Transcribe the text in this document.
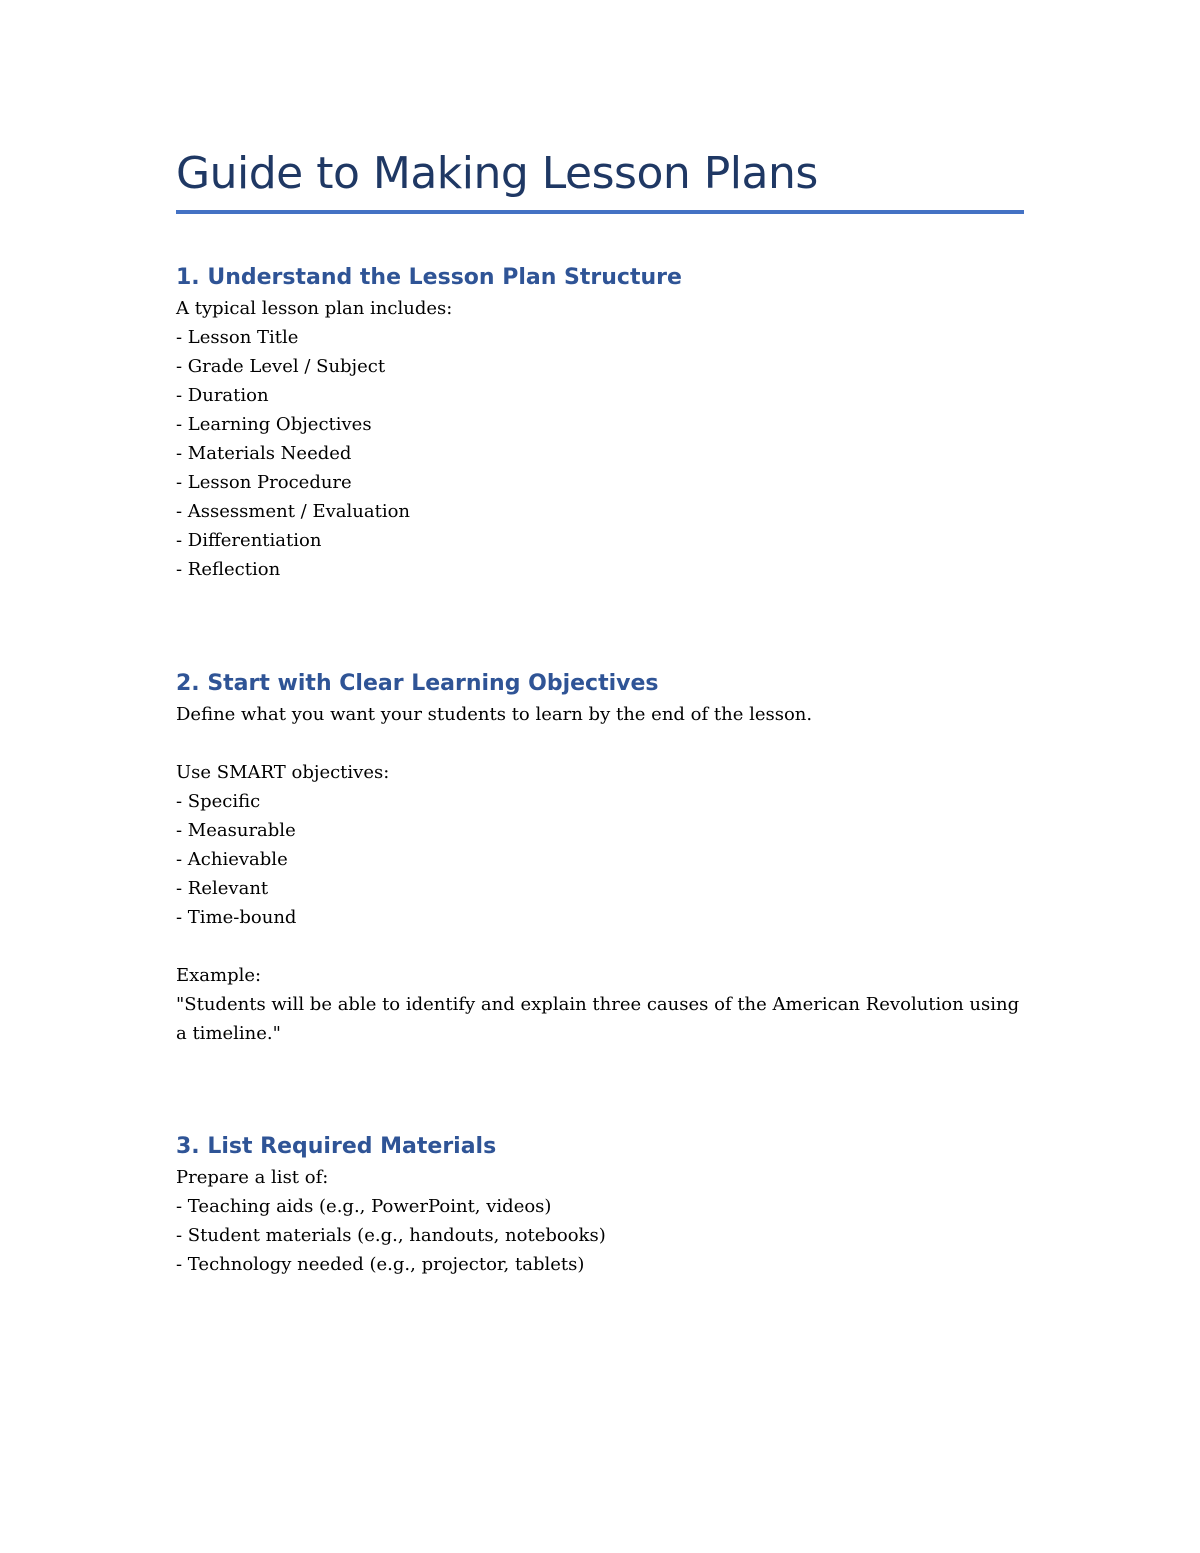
Guide to Making Lesson Plans
1. Understand the Lesson Plan Structure
A typical lesson plan includes:
- Lesson Title
- Grade Level / Subject
- Duration
- Learning Objectives
- Materials Needed
- Lesson Procedure
- Assessment / Evaluation
- Differentiation
- Reflection
2. Start with Clear Learning Objectives
Define what you want your students to learn by the end of the lesson.
Use SMART objectives:
- Specific
- Measurable
- Achievable
- Relevant
- Time-bound
Example:
"Students will be able to identify and explain three causes of the American Revolution using a timeline."
3. List Required Materials
Prepare a list of:
- Teaching aids (e.g., PowerPoint, videos)
- Student materials (e.g., handouts, notebooks)
- Technology needed (e.g., projector, tablets)
